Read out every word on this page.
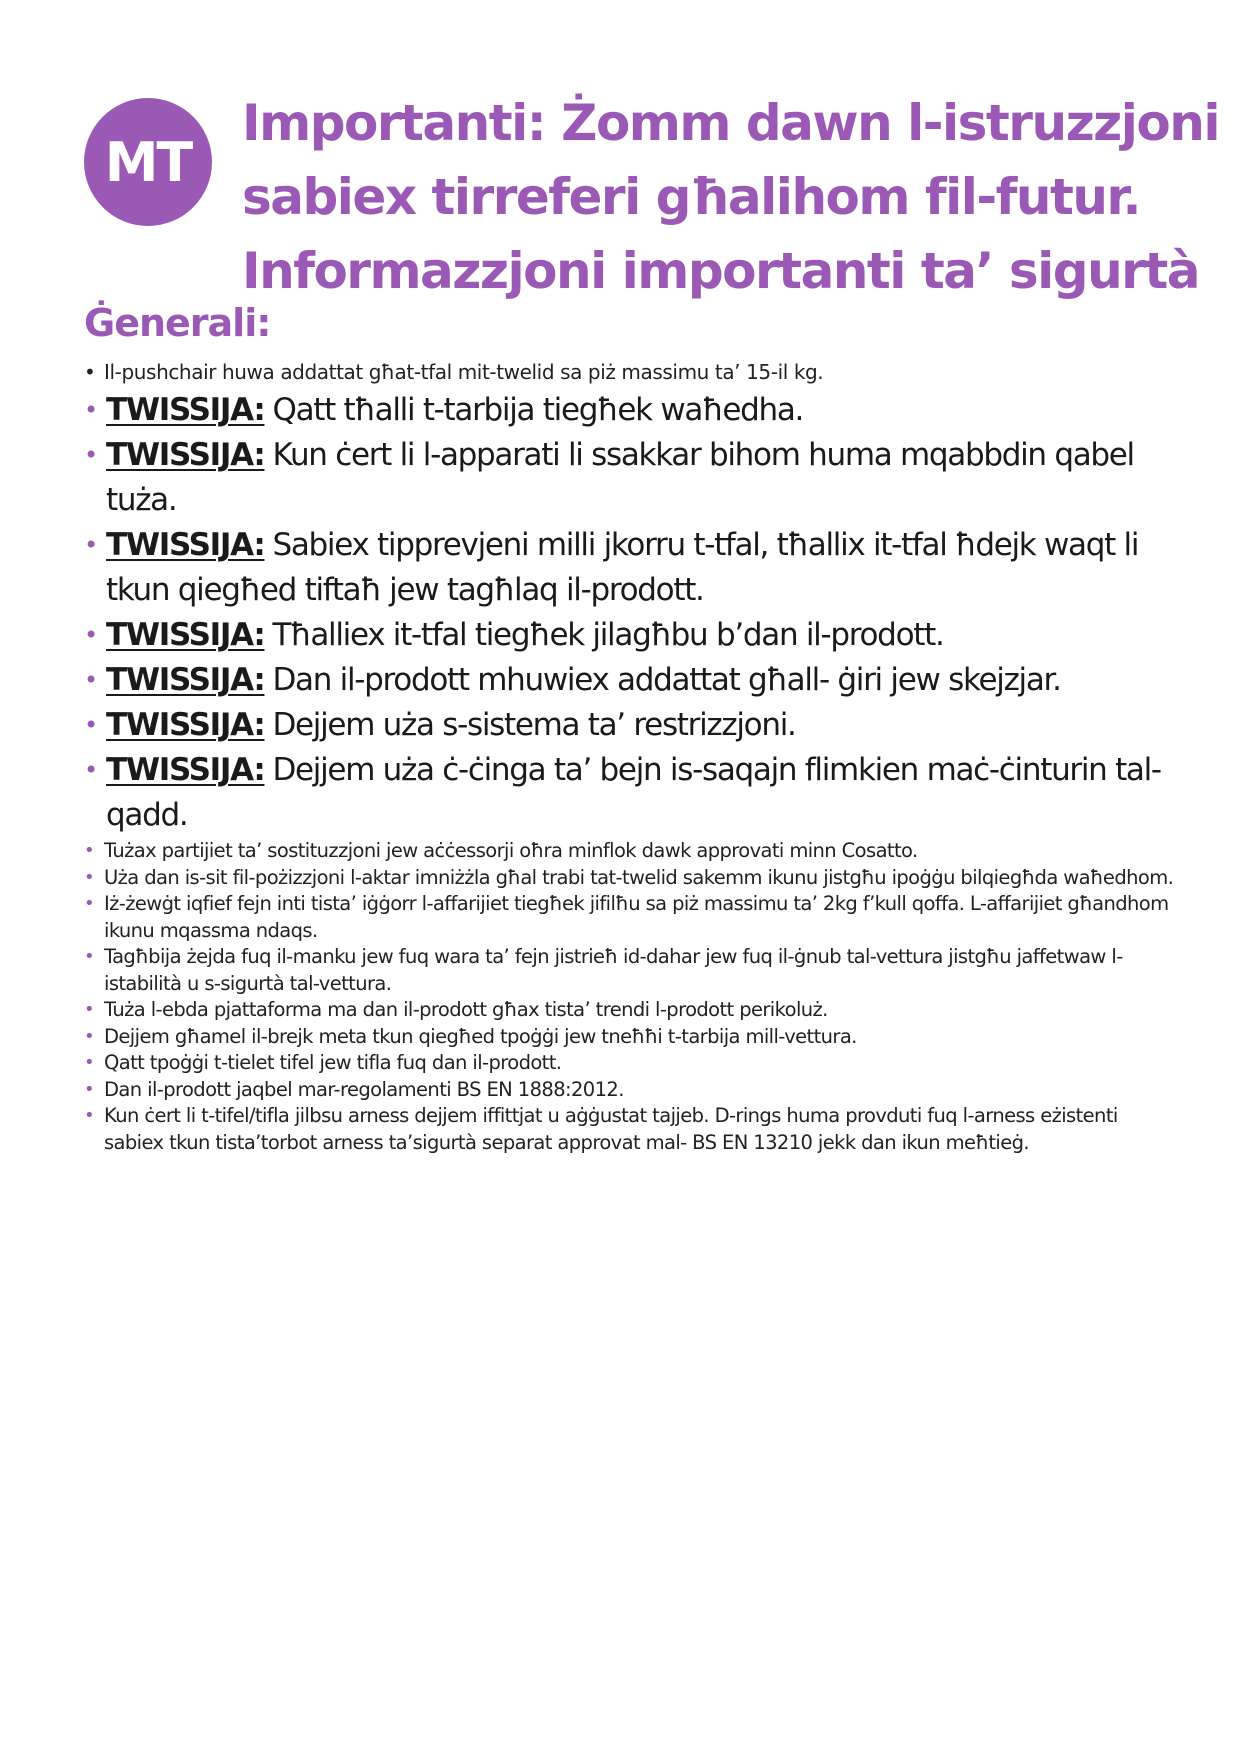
MT
Importanti: Żomm dawn l-istruzzjoni
sabiex tirreferi għalihom fil-futur.
Informazzjoni importanti ta’ sigurtà
Ġenerali:
• Il-pushchair huwa addattat għat-tfal mit-twelid sa piż massimu ta’ 15-il kg.
• TWISSIJA: Qatt tħalli t-tarbija tiegħek waħedha.
• TWISSIJA: Kun ċert li l-apparati li ssakkar bihom huma mqabbdin qabel tuża.
• TWISSIJA: Sabiex tipprevjeni milli jkorru t-tfal, tħallix it-tfal ħdejk waqt li tkun qiegħed tiftaħ jew tagħlaq il-prodott.
• TWISSIJA: Tħalliex it-tfal tiegħek jilagħbu b’dan il-prodott.
• TWISSIJA: Dan il-prodott mhuwiex addattat għall- ġiri jew skejzjar.
• TWISSIJA: Dejjem uża s-sistema ta’ restrizzjoni.
• TWISSIJA: Dejjem uża ċ-ċinga ta’ bejn is-saqajn flimkien maċ-ċinturin tal-qadd.
• Tużax partijiet ta’ sostituzzjoni jew aċċessorji oħra minflok dawk approvati minn Cosatto.
• Uża dan is-sit fil-pożizzjoni l-aktar imniżżla għal trabi tat-twelid sakemm ikunu jistgħu ipoġġu bilqiegħda waħedhom.
• Iż-żewġt iqfief fejn inti tista’ iġġorr l-affarijiet tiegħek jifilħu sa piż massimu ta’ 2kg f’kull qoffa. L-affarijiet għandhom ikunu mqassma ndaqs.
• Tagħbija żejda fuq il-manku jew fuq wara ta’ fejn jistrieħ id-dahar jew fuq il-ġnub tal-vettura jistgħu jaffetwaw l-istabilità u s-sigurtà tal-vettura.
• Tuża l-ebda pjattaforma ma dan il-prodott għax tista’ trendi l-prodott perikoluż.
• Dejjem għamel il-brejk meta tkun qiegħed tpoġġi jew tneħħi t-tarbija mill-vettura.
• Qatt tpoġġi t-tielet tifel jew tifla fuq dan il-prodott.
• Dan il-prodott jaqbel mar-regolamenti BS EN 1888:2012.
• Kun ċert li t-tifel/tifla jilbsu arness dejjem iffittjat u aġġustat tajjeb. D-rings huma provduti fuq l-arness eżistenti sabiex tkun tista’torbot arness ta’sigurtà separat approvat mal- BS EN 13210 jekk dan ikun meħtieġ.
